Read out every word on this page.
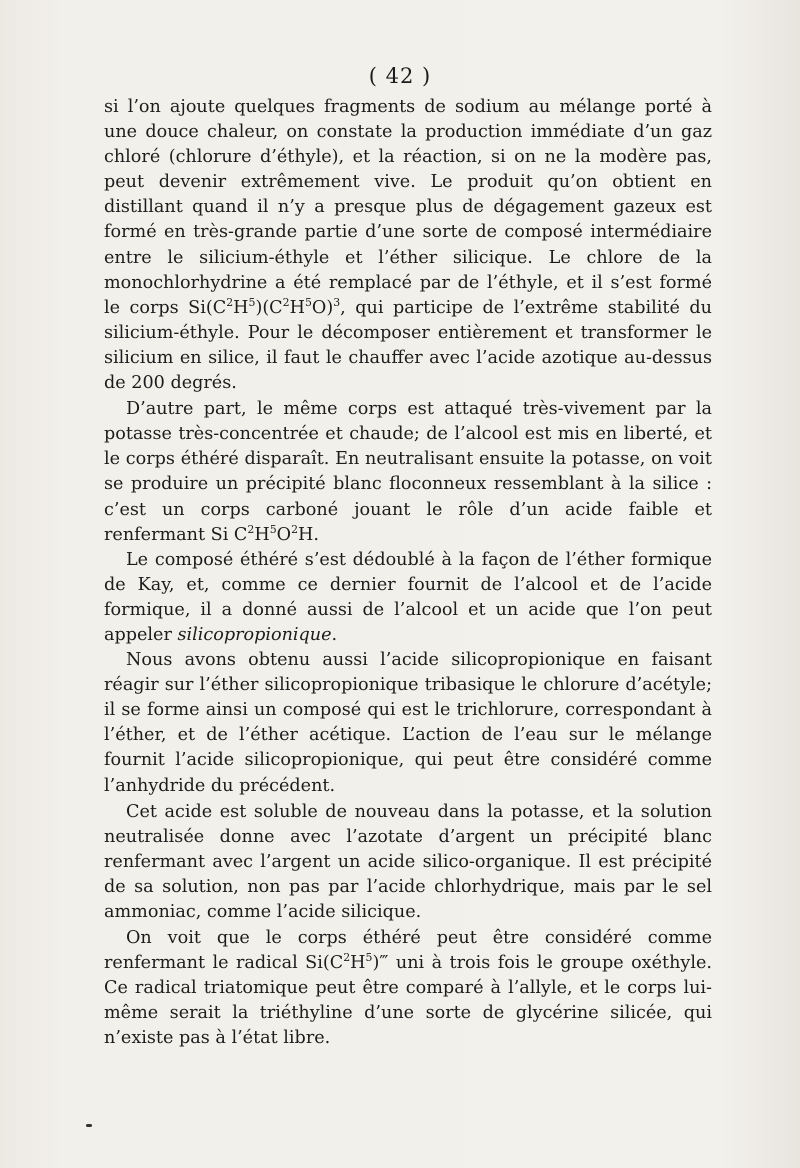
( 42 )

si l’on ajoute quelques fragments de sodium au mélange porté à une douce chaleur, on constate la production immédiate d’un gaz chloré (chlorure d’éthyle), et la réaction, si on ne la modère pas, peut devenir extrêmement vive. Le produit qu’on obtient en distillant quand il n’y a presque plus de dégagement gazeux est formé en très-grande partie d’une sorte de composé intermédiaire entre le silicium-éthyle et l’éther silicique. Le chlore de la monochlorhydrine a été remplacé par de l’éthyle, et il s’est formé le corps $Si(C^2H^5)(C^2H^5O)^3$, qui participe de l’extrême stabilité du silicium-éthyle. Pour le décomposer entièrement et transformer le silicium en silice, il faut le chauffer avec l’acide azotique au-dessus de 200 degrés.

D’autre part, le même corps est attaqué très-vivement par la potasse très-concentrée et chaude; de l’alcool est mis en liberté, et le corps éthéré disparaît. En neutralisant ensuite la potasse, on voit se produire un précipité blanc floconneux ressemblant à la silice : c’est un corps carboné jouant le rôle d’un acide faible et renfermant Si $C^2H^5O^2H$.

Le composé éthéré s’est dédoublé à la façon de l’éther formique de Kay, et, comme ce dernier fournit de l’alcool et de l’acide formique, il a donné aussi de l’alcool et un acide que l’on peut appeler silicopropionique.

Nous avons obtenu aussi l’acide silicopropionique en faisant réagir sur l’éther silicopropionique tribasique le chlorure d’acétyle; il se forme ainsi un composé qui est le trichlorure, correspondant à l’éther, et de l’éther acétique. L’action de l’eau sur le mélange fournit l’acide silicopropionique, qui peut être considéré comme l’anhydride du précédent.

Cet acide est soluble de nouveau dans la potasse, et la solution neutralisée donne avec l’azotate d’argent un précipité blanc renfermant avec l’argent un acide silico-organique. Il est précipité de sa solution, non pas par l’acide chlorhydrique, mais par le sel ammoniac, comme l’acide silicique.

On voit que le corps éthéré peut être considéré comme renfermant le radical $Si(C^2H^5)‴$ uni à trois fois le groupe oxéthyle. Ce radical triatomique peut être comparé à l’allyle, et le corps lui-même serait la triéthyline d’une sorte de glycérine silicée, qui n’existe pas à l’état libre.
